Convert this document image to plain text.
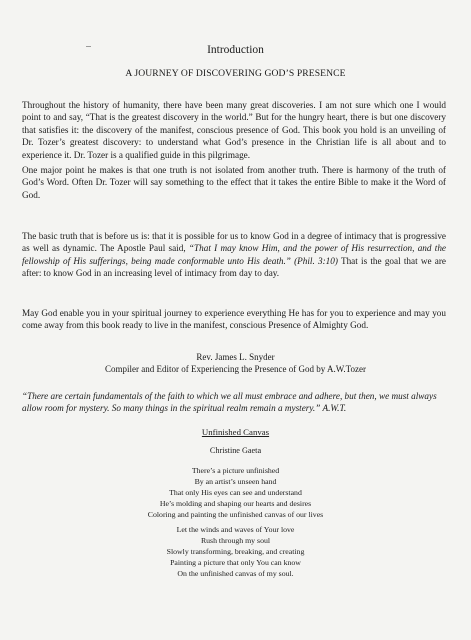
Introduction
A JOURNEY OF DISCOVERING GOD’S PRESENCE

Throughout the history of humanity, there have been many great discoveries. I am not sure which one I would point to and say, “That is the greatest discovery in the world.” But for the hungry heart, there is but one discovery that satisfies it: the discovery of the manifest, conscious presence of God. This book you hold is an unveiling of Dr. Tozer’s greatest discovery: to understand what God’s presence in the Christian life is all about and to experience it. Dr. Tozer is a qualified guide in this pilgrimage.

One major point he makes is that one truth is not isolated from another truth. There is harmony of the truth of God’s Word. Often Dr. Tozer will say something to the effect that it takes the entire Bible to make it the Word of God.

The basic truth that is before us is: that it is possible for us to know God in a degree of intimacy that is progressive as well as dynamic. The Apostle Paul said, “That I may know Him, and the power of His resurrection, and the fellowship of His sufferings, being made conformable unto His death.” (Phil. 3:10) That is the goal that we are after: to know God in an increasing level of intimacy from day to day.

May God enable you in your spiritual journey to experience everything He has for you to experience and may you come away from this book ready to live in the manifest, conscious Presence of Almighty God.

Rev. James L. Snyder
Compiler and Editor of Experiencing the Presence of God by A.W.Tozer
“There are certain fundamentals of the faith to which we all must embrace and adhere, but then, we must always allow room for mystery. So many things in the spiritual realm remain a mystery.” A.W.T.
Unfinished Canvas
Christine Gaeta
There’s a picture unfinished
By an artist’s unseen hand
That only His eyes can see and understand
He’s molding and shaping our hearts and desires
Coloring and painting the unfinished canvas of our lives
Let the winds and waves of Your love
Rush through my soul
Slowly transforming, breaking, and creating
Painting a picture that only You can know
On the unfinished canvas of my soul.
